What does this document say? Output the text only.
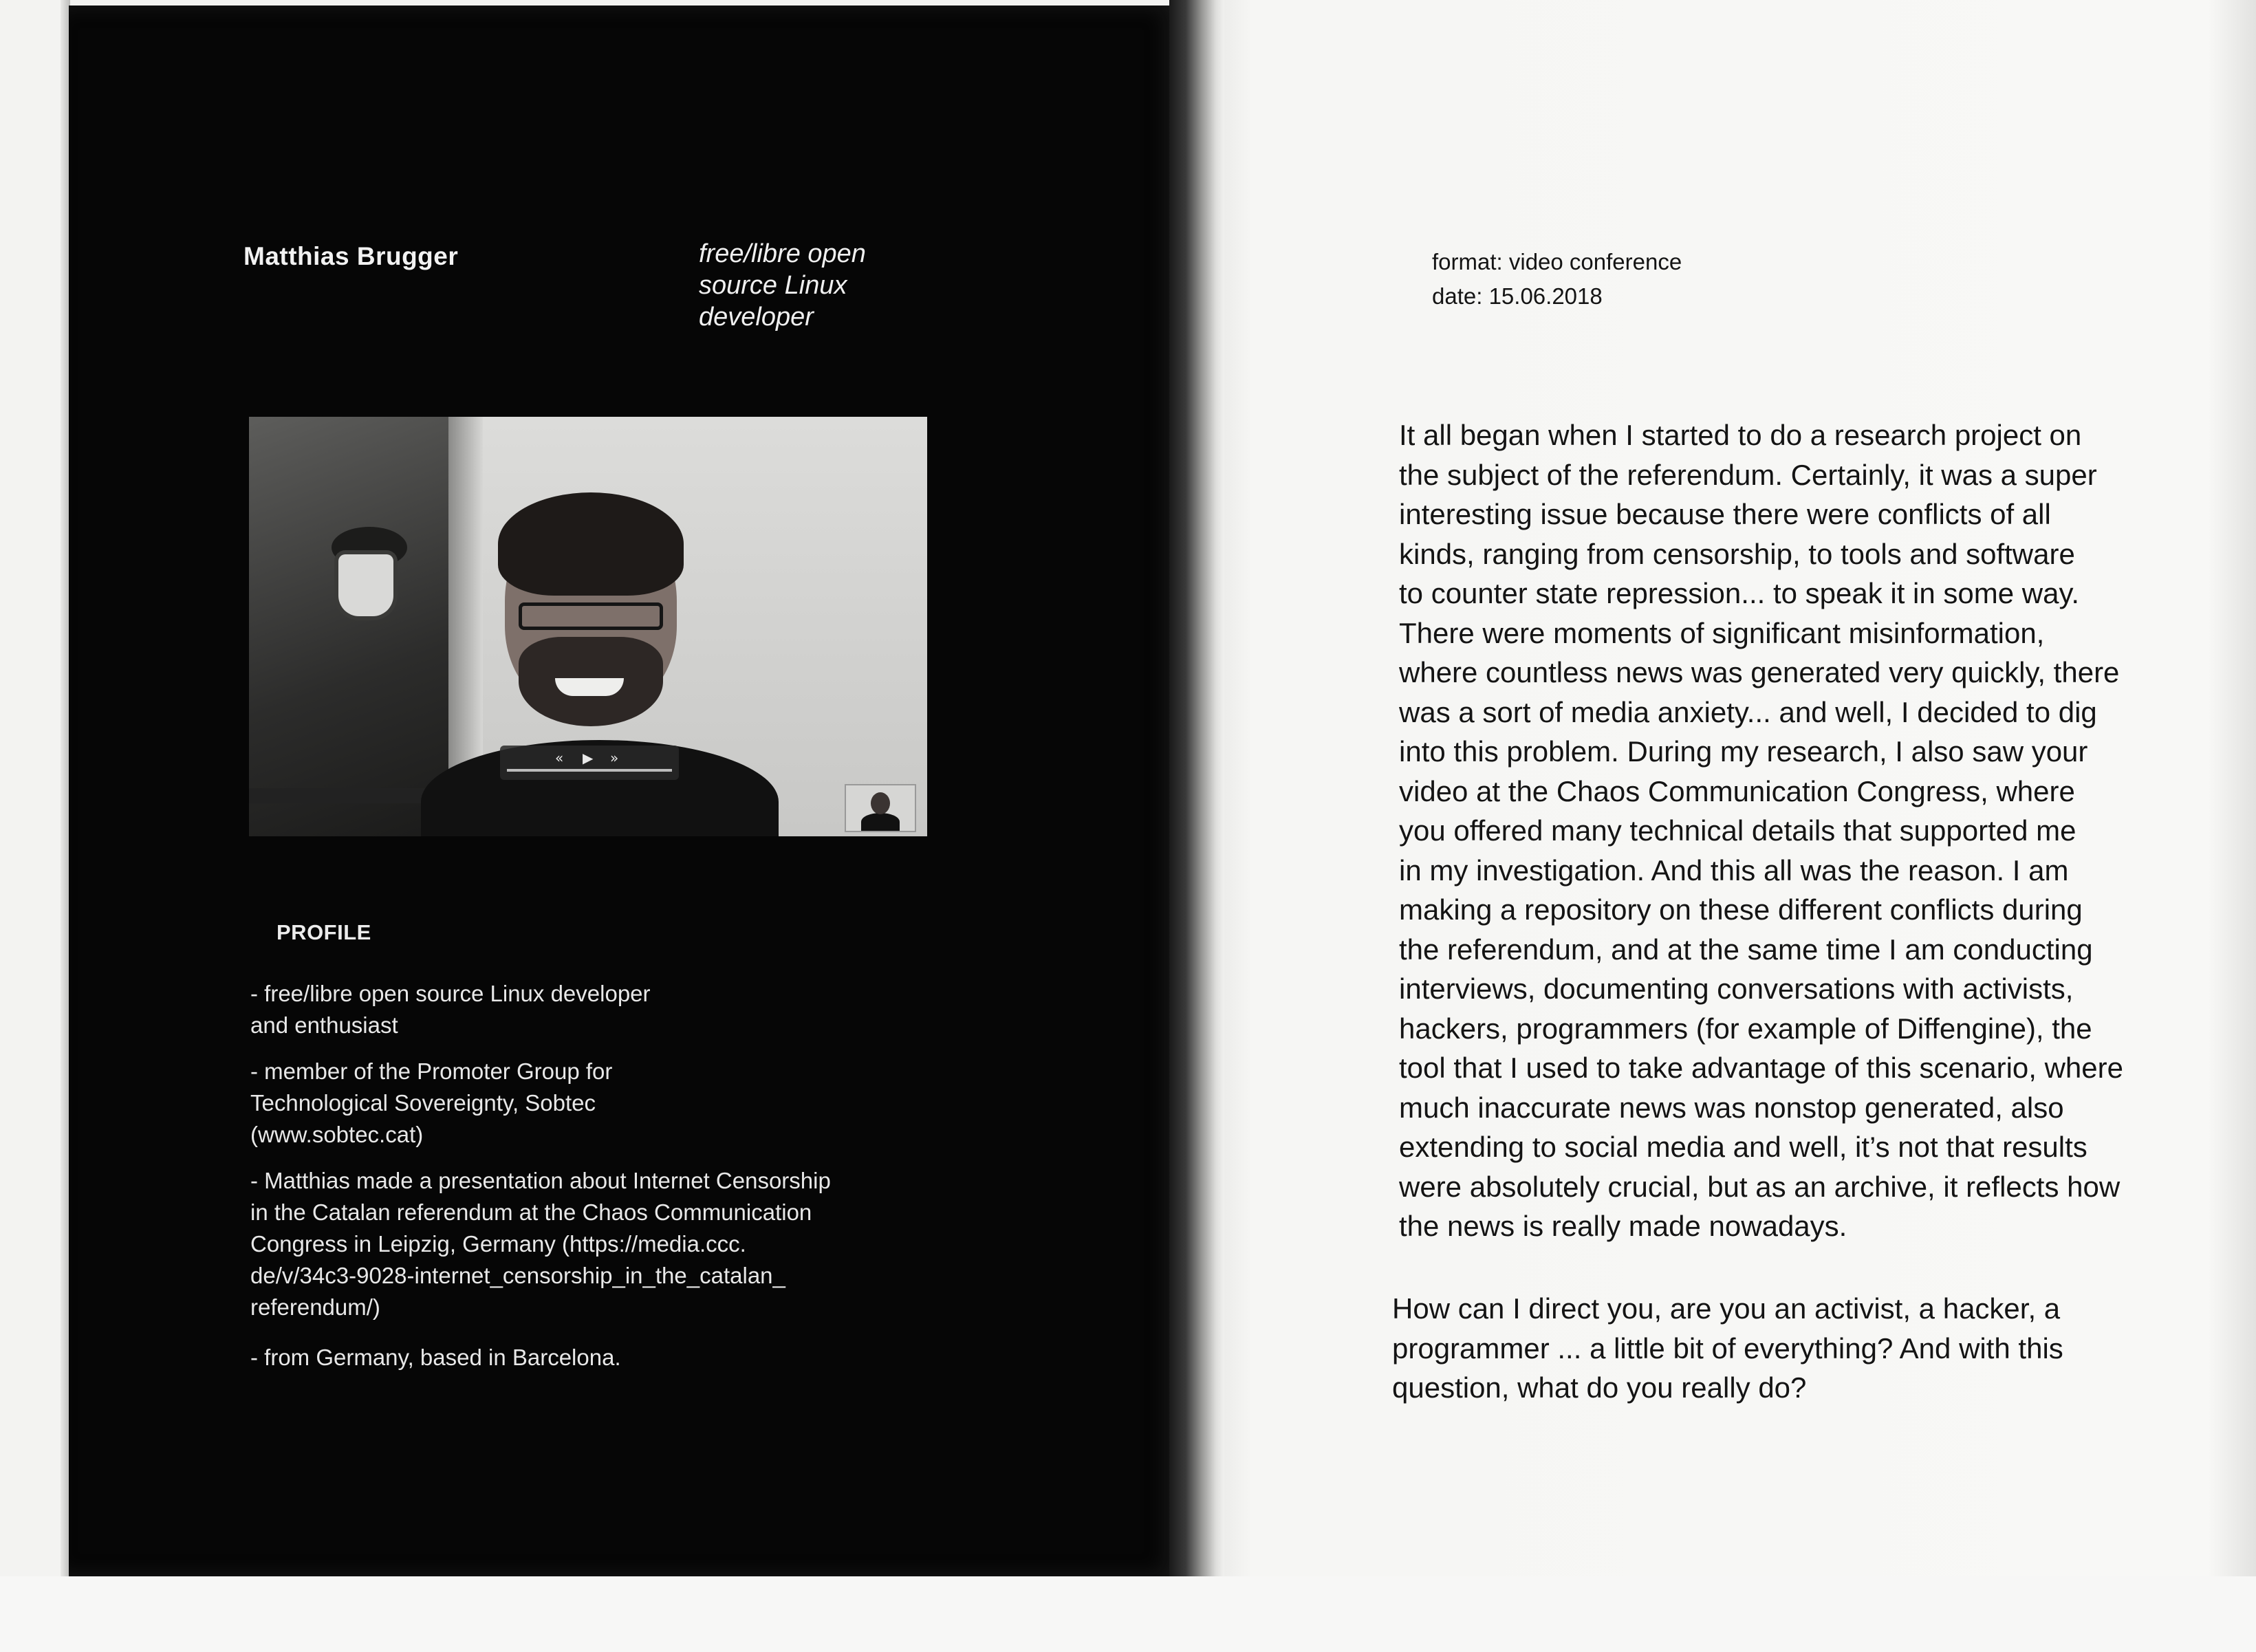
Matthias Brugger	free/libre open
source Linux
developer
« ▶ »
PROFILE
- free/libre open source Linux developer
and enthusiast
- member of the Promoter Group for
Technological Sovereignty, Sobtec
(www.sobtec.cat)
- Matthias made a presentation about Internet Censorship
in the Catalan referendum at the Chaos Communication
Congress in Leipzig, Germany (https://media.ccc.
de/v/34c3-9028-internet_censorship_in_the_catalan_
referendum/)
- from Germany, based in Barcelona.
format: video conference
date: 15.06.2018
It all began when I started to do a research project on
the subject of the referendum. Certainly, it was a super
interesting issue because there were conflicts of all
kinds, ranging from censorship, to tools and software
to counter state repression... to speak it in some way.
There were moments of significant misinformation,
where countless news was generated very quickly, there
was a sort of media anxiety... and well, I decided to dig
into this problem. During my research, I also saw your
video at the Chaos Communication Congress, where
you offered many technical details that supported me
in my investigation. And this all was the reason. I am
making a repository on these different conflicts during
the referendum, and at the same time I am conducting
interviews, documenting conversations with activists,
hackers, programmers (for example of Diffengine), the
tool that I used to take advantage of this scenario, where
much inaccurate news was nonstop generated, also
extending to social media and well, it’s not that results
were absolutely crucial, but as an archive, it reflects how
the news is really made nowadays.
How can I direct you, are you an activist, a hacker, a
programmer ... a little bit of everything? And with this
question, what do you really do?
